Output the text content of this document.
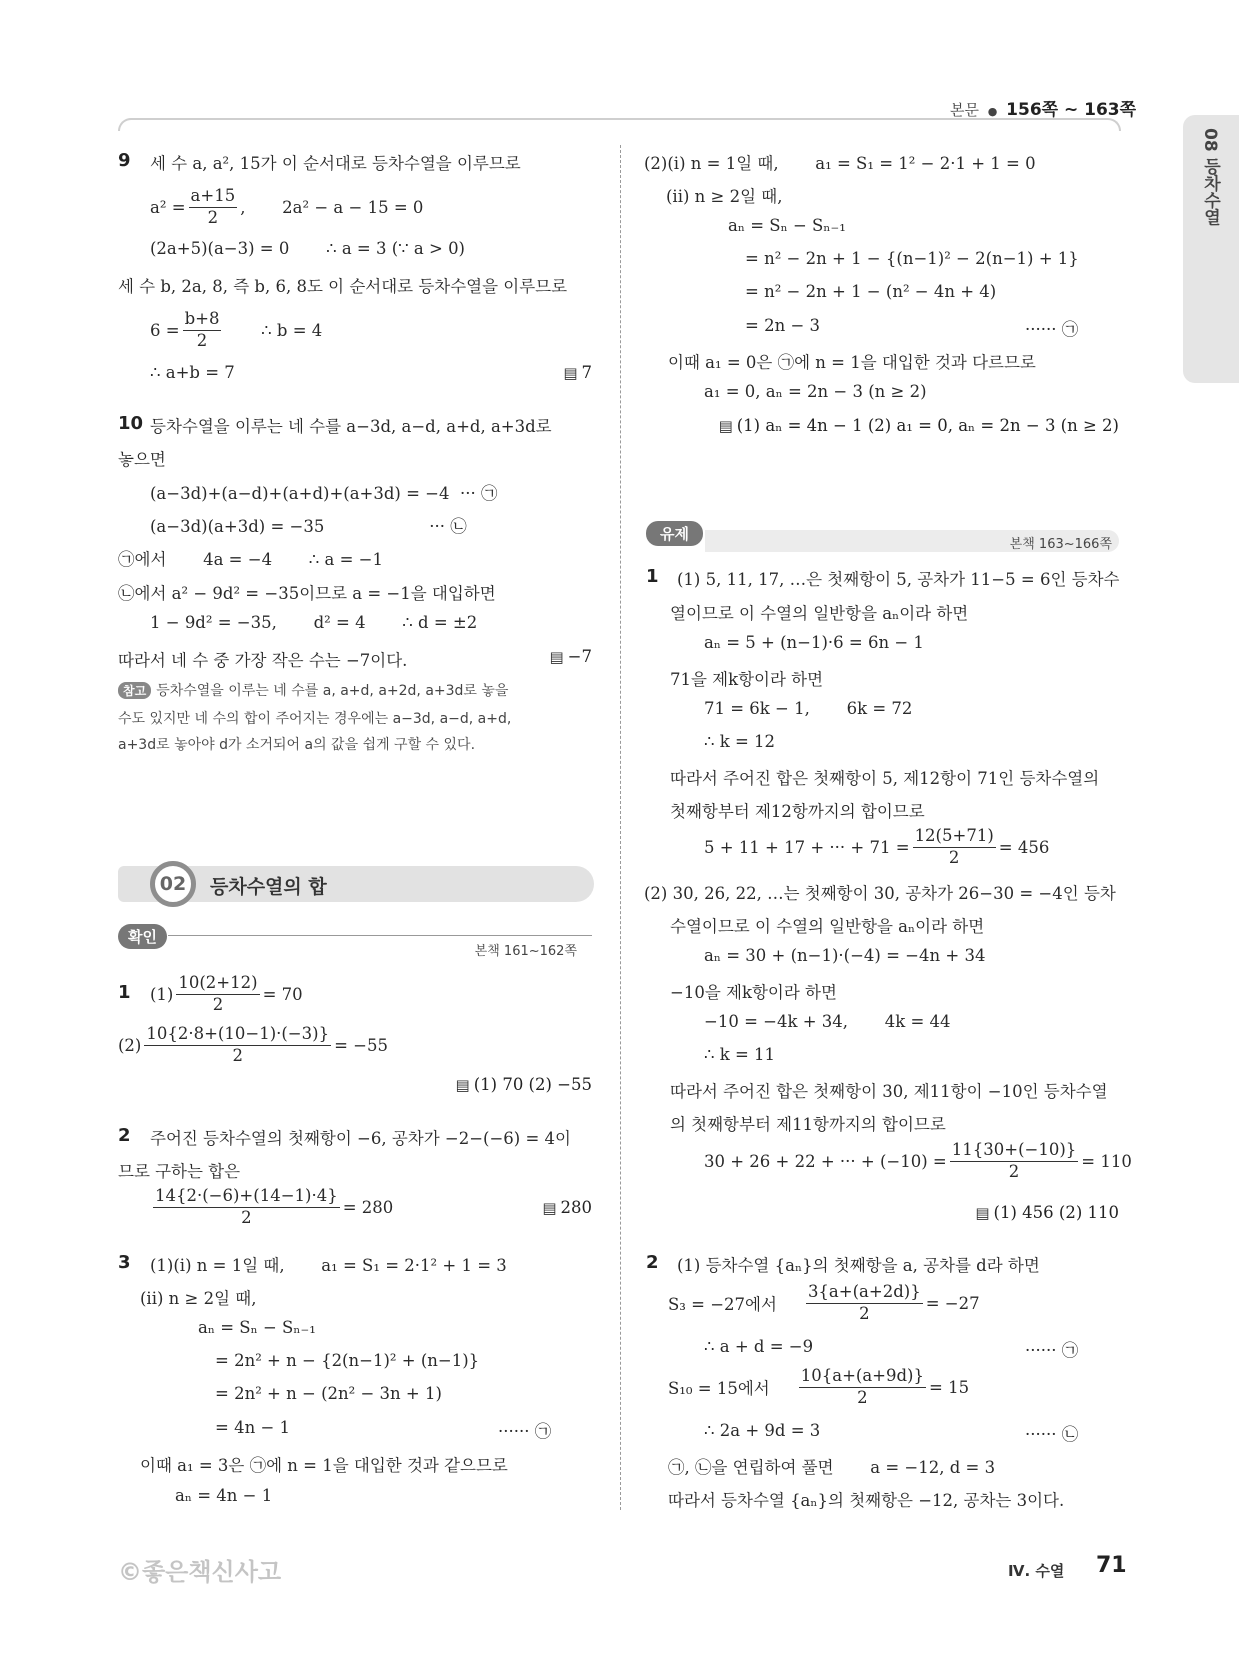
본문 ● 156쪽 ~ 163쪽
08 등차수열
9 세 수 a, a², 15가 이 순서대로 등차수열을 이루므로
$a^2 = \frac{a+15}{2}$ ,       2a² − a − 15 = 0
(2a+5)(a−3) = 0       ∴ a = 3 (∵ a > 0)
세 수 b, 2a, 8, 즉 b, 6, 8도 이 순서대로 등차수열을 이루므로
$6 = \frac{b+8}{2}$ ∴ b = 4
∴ a+b = 7	▤ 7
10 등차수열을 이루는 네 수를 a−3d, a−d, a+d, a+3d로
놓으면
(a−3d)+(a−d)+(a+d)+(a+3d) = −4  ··· ㉠
(a−3d)(a+3d) = −35                    ··· ㉡
㉠에서       4a = −4       ∴ a = −1
㉡에서 a² − 9d² = −35이므로 a = −1을 대입하면
1 − 9d² = −35,       d² = 4       ∴ d = ±2
따라서 네 수 중 가장 작은 수는 −7이다.	▤ −7
참고 등차수열을 이루는 네 수를 a, a+d, a+2d, a+3d로 놓을
수도 있지만 네 수의 합이 주어지는 경우에는 a−3d, a−d, a+d,
a+3d로 놓아야 d가 소거되어 a의 값을 쉽게 구할 수 있다.
02	등차수열의 합
확인
본책 161~162쪽
1 $(1) \frac{10(2+12)}{2} = 70$
$(2) \frac{10\{2\cdot 8+(10-1)\cdot(-3)\}}{2} = -55$
▤ (1) 70 (2) −55
2 주어진 등차수열의 첫째항이 −6, 공차가 −2−(−6) = 4이
므로 구하는 합은
$\frac{14\{2\cdot(-6)+(14-1)\cdot 4\}}{2} = 280$	▤ 280
3 (1)(i) n = 1일 때,       a₁ = S₁ = 2·1² + 1 = 3
(ii) n ≥ 2일 때,
aₙ = Sₙ − Sₙ₋₁
= 2n² + n − {2(n−1)² + (n−1)}
= 2n² + n − (2n² − 3n + 1)
= 4n − 1	······ ㉠
이때 a₁ = 3은 ㉠에 n = 1을 대입한 것과 같으므로
aₙ = 4n − 1
(2)(i) n = 1일 때,       a₁ = S₁ = 1² − 2·1 + 1 = 0
(ii) n ≥ 2일 때,
aₙ = Sₙ − Sₙ₋₁
= n² − 2n + 1 − {(n−1)² − 2(n−1) + 1}
= n² − 2n + 1 − (n² − 4n + 4)
= 2n − 3	······ ㉠
이때 a₁ = 0은 ㉠에 n = 1을 대입한 것과 다르므로
a₁ = 0, aₙ = 2n − 3 (n ≥ 2)
▤ (1) aₙ = 4n − 1 (2) a₁ = 0, aₙ = 2n − 3 (n ≥ 2)
유제
본책 163~166쪽
1 (1) 5, 11, 17, …은 첫째항이 5, 공차가 11−5 = 6인 등차수
열이므로 이 수열의 일반항을 aₙ이라 하면
aₙ = 5 + (n−1)·6 = 6n − 1
71을 제k항이라 하면
71 = 6k − 1,       6k = 72
∴ k = 12
따라서 주어진 합은 첫째항이 5, 제12항이 71인 등차수열의
첫째항부터 제12항까지의 합이므로
5 + 11 + 17 + ··· + $71 = \frac{12(5+71)}{2} = 456$
(2) 30, 26, 22, …는 첫째항이 30, 공차가 26−30 = −4인 등차
수열이므로 이 수열의 일반항을 aₙ이라 하면
aₙ = 30 + (n−1)·(−4) = −4n + 34
−10을 제k항이라 하면
−10 = −4k + 34,       4k = 44
∴ k = 11
따라서 주어진 합은 첫째항이 30, 제11항이 −10인 등차수열
의 첫째항부터 제11항까지의 합이므로
30 + 26 + 22 + ··· + $(-10) = \frac{11\{30+(-10)\}}{2} = 110$
▤ (1) 456 (2) 110
2 (1) 등차수열 {aₙ}의 첫째항을 a, 공차를 d라 하면
S₃ = −27에서 $\frac{3\{a+(a+2d)\}}{2} = -27$
∴ a + d = −9	······ ㉠
S₁₀ = 15에서 $\frac{10\{a+(a+9d)\}}{2} = 15$
∴ 2a + 9d = 3	······ ㉡
㉠, ㉡을 연립하여 풀면       a = −12, d = 3
따라서 등차수열 {aₙ}의 첫째항은 −12, 공차는 3이다.
©좋은책신사고	Ⅳ. 수열 71
